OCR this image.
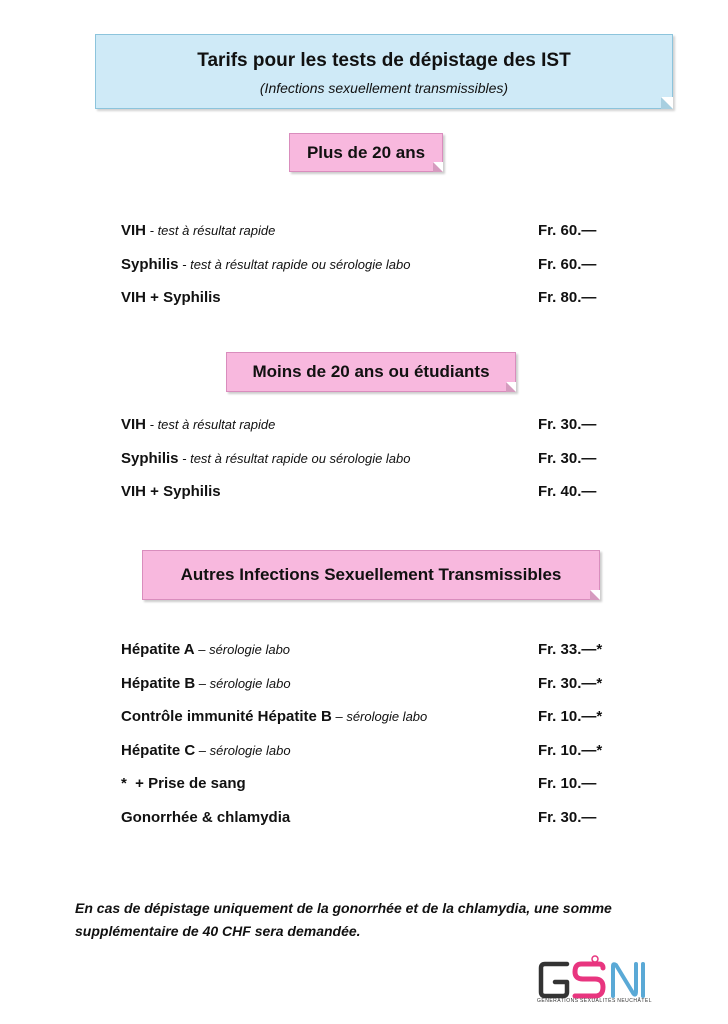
Tarifs pour les tests de dépistage des IST
(Infections sexuellement transmissibles)
Plus de 20 ans
VIH - test à résultat rapide	Fr. 60.—
Syphilis - test à résultat rapide ou sérologie labo	Fr. 60.—
VIH + Syphilis	Fr. 80.—
Moins de 20 ans ou étudiants
VIH - test à résultat rapide	Fr. 30.—
Syphilis - test à résultat rapide ou sérologie labo	Fr. 30.—
VIH + Syphilis	Fr. 40.—
Autres Infections Sexuellement Transmissibles
Hépatite A – sérologie labo	Fr. 33.—*
Hépatite B – sérologie labo	Fr. 30.—*
Contrôle immunité Hépatite B – sérologie labo	Fr. 10.—*
Hépatite C – sérologie labo	Fr. 10.—*
*  + Prise de sang	Fr. 10.—
Gonorrhée & chlamydia	Fr. 30.—
En cas de dépistage uniquement de la gonorrhée et de la chlamydia, une somme supplémentaire de 40 CHF sera demandée.
GÉNÉRATIONS SEXUALITÉS NEUCHÂTEL
